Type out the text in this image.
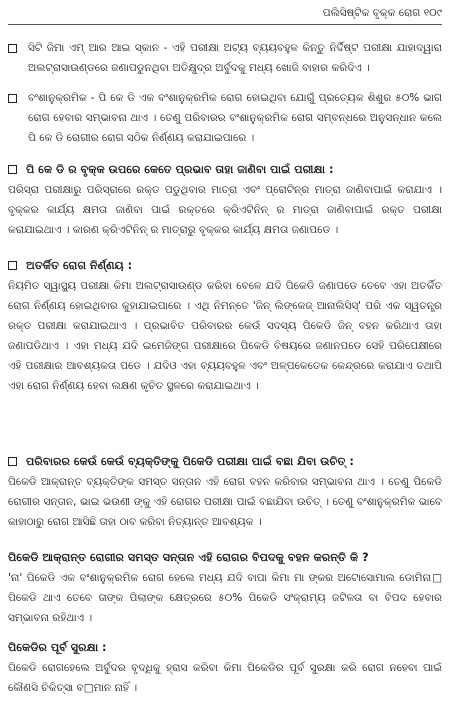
ପଲିସିଷ୍ଟିକ ବୃକ୍କ ରୋଗ ୧୦୯
ସିଟି ଜିମା ଏମ୍ ଆର ଆଇ ସ୍କାନ - ଏହି ପରୀକ୍ଷା ଅଟ୍ୟ ବ୍ୟୟବହୁଳ କିନ୍ତୁ ନିର୍ଦ୍ଦିଷ୍ଟ ପରୀକ୍ଷା ଯାହାଦ୍ୱାରା ଅଲଟ୍ରାସାଉଣ୍ଡରେ ଜଣାପଡୁନଥିବା ଅତିକ୍ଷୁଦ୍ର ଅର୍ବୁଦକୁ ମଧ୍ୟ ଖୋଜି ବାହାର କରିଦିଏ ।
ବଂଶାନୁକ୍ରମିକ - ପି କେ ଡି ଏକ ବଂଶାନୁକ୍ରମିକ ରୋଗ ହୋଇଥିବା ଯୋଗୁଁ ପ୍ରତ୍ୟେକ ଶିଶୁର ୫୦% ଭାଗ ରୋଗ ହେବାର ସମ୍ଭାବନା ଥାଏ । ତେଣୁ ପରିବାରର ବଂଶାନୁକ୍ରମିକ ରୋଗ ସମ୍ବନ୍ଧରେ ଅନୁସନ୍ଧାନ କଲେ ପି କେ ଡି ରୋଗୀର ରୋଗ ସଠିକ ନିର୍ଣ୍ଣୟ କରାଯାଇପାରେ ।
ପି କେ ଡି ର ବୃକ୍କ ଉପରେ କେତେ ପ୍ରଭାବ ତାହା ଜାଣିବା ପାଇଁ ପରୀକ୍ଷା :
ପରିସ୍ରା ପରୀକ୍ଷାରୁ ପରିସ୍ରାରେ ରକ୍ତ ପଡୁଥିବାର ମାତ୍ରା ଏବଂ ପ୍ରୋଟିନ୍‌ର ମାତ୍ରା ଜାଣିବାପାଇଁ କରାଯାଏ । ବୃକ୍କର କାର୍ଯ୍ୟ କ୍ଷମତା ଜାଣିବା ପାଇଁ ରକ୍ତରେ କ୍ରିଏଟିନିନ୍ ର ମାତ୍ରା ଜାଣିବାପାଇଁ ରକ୍ତ ପରୀକ୍ଷା କରାଯାଇଥାଏ । କାରଣ କ୍ରିଏଟିନିନ୍ ର ମାତ୍ରାରୁ ବୃକ୍କର କାର୍ଯ୍ୟ କ୍ଷମତା ଜଣାପଡେ ।
ଅତର୍କିତ ରୋଗ ନିର୍ଣ୍ଣୟ :
ନିୟମିତ ସ୍ୱାସ୍ଥ୍ୟ ପରୀକ୍ଷା କିମା ଅଲଟ୍ରାସାଉଣ୍ଡ କରିବା ବେଳେ ଯଦି ପିକେଡି ଜଣାପଡେ ତେବେ ଏହା ଅତର୍କିତ ରୋଗ ନିର୍ଣ୍ଣୟ ହୋଇଥିବାର କୁହାଯାଇପାରେ । ଏଥି ନିମନ୍ତେ 'ଜିନ୍ ଲିଙ୍କେଜ୍ ଆନାଲିସିସ୍' ପରି ଏକ ସ୍ୱତନ୍ତ୍ର ରକ୍ତ ପରୀକ୍ଷା କରାଯାଇଥାଏ । ପ୍ରଭାବିତ ପରିବାରର କେଉଁ ସଦସ୍ୟ ପିକେଡି ଜିନ୍ ବହନ କରିଥାଏ ତାହା ଜଣାପଡିଥାଏ । ଏହା ମଧ୍ୟ ଯଦି ଇମେଜିଙ୍ଗ ପରୀକ୍ଷାରେ ପିକେଡି ବିଷୟରେ ଜଣାନପଡେ ସେହି ପରିପେକ୍ଷୀରେ ଏହି ପରୀକ୍ଷାର ଆବଶ୍ୟକତା ପଡେ । ଯଦିଓ ଏହା ବ୍ୟୟବହୁଳ ଏବଂ ଅଳ୍ପକେତେକ କେନ୍ଦ୍ରରେ କରାଯାଏ ତଥାପି ଏହା ରୋଗ ନିର୍ଣ୍ଣୟ ହେବା ଲକ୍ଷଣ କୃଚିତ ସ୍ଥଳରେ କରାଯାଇଥାଏ ।
ପରିବାରର କେଉଁ କେଉଁ ବ୍ୟକ୍ତିଙ୍କୁ ପିକେଡି ପରୀକ୍ଷା ପାଇଁ ବଛା ଯିବା ଉଚିତ୍ :
ପିକେଡି ଆକ୍ରାନ୍ତ ବ୍ୟକ୍ତିଙ୍କ ସମସ୍ତ ସନ୍ତାନ ଏହି ରୋଗ ବହନ କରିବାର ସମ୍ଭାବନା ଥାଏ । ତେଣୁ ପିକେଡି ରୋଗୀର ସନ୍ତାନ, ଭାଇ ଭଉଣୀ ଙ୍କୁ ଏହି ରୋଗର ପରୀକ୍ଷା ପାଇଁ ବଛାଯିବା ଉଚିତ୍ । ତେଣୁ ବଂଶାନୁକ୍ରମିକ ଭାବେ କାହାଠାରୁ ରୋଗ ଆସିଛି ତାହା ଠାବ କରିବା ନିତ୍ୟାନ୍ତ ଆବଶ୍ୟକ ।
ପିକେଡି ଆକ୍ରାନ୍ତ ରୋଗୀର ସମସ୍ତ ସନ୍ତାନ ଏହି ରୋଗର ବିପଦକୁ ବହନ କରନ୍ତି କି ?
'ନା' ପିକେଡି ଏକ ବଂଶାନୁକ୍ରମିକ ରୋଗ ହେଲେ ମଧ୍ୟ ଯଦି ବାପା କିମା ମା ଙ୍କର ଅଟୋସୋମାଲ ଡୋମିନା□ ପିକେଡି ଥାଏ ତେବେ ତାଙ୍କ ପିଲାଙ୍କ କ୍ଷେତ୍ରରେ ୫୦% ପିକେଡି ସଂକ୍ରାମ୍ୟ ଜଟିଳତା ବା ବିପଦ ହେବାର ସମ୍ଭାବନା ରହିଥାଏ ।
ପିକେଡିର ପୂର୍ବ ସୁରକ୍ଷା :
ପିକେଡି ରୋଗହେଲେ ଅର୍ବୁଦର ବୃଦ୍ଧିକୁ ହ୍ରାସ କରିବା କିମା ପିକେଡିର ପୂର୍ବ ସୁରକ୍ଷା କରି ରୋଗ ନହେବା ପାଇଁ କୌଣସି ଚିକିତ୍ସା ବ□ମାନ ନାହିଁ ।
